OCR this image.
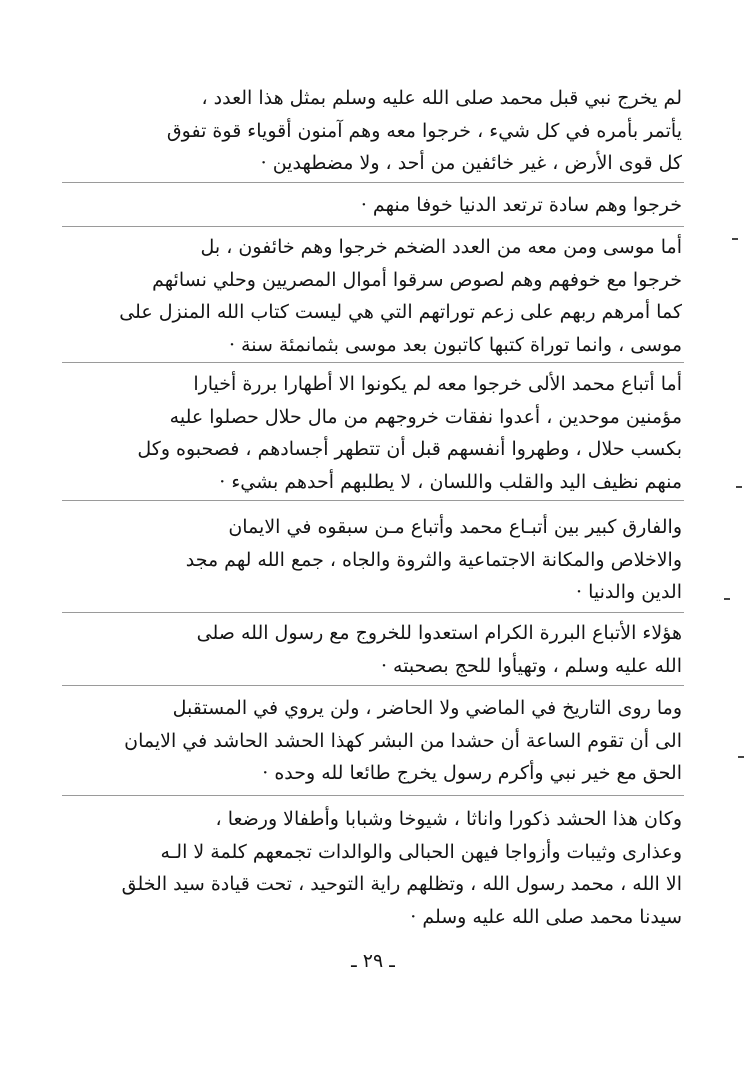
لم يخرج نبي قبل محمد صلى الله عليه وسلم بمثل هذا العدد ،
يأتمر بأمره في كل شيء ، خرجوا معه وهم آمنون أقوياء قوة تفوق
كل قوى الأرض ، غير خائفين من أحد ، ولا مضطهدين ·
خرجوا وهم سادة ترتعد الدنيا خوفا منهم ·
أما موسى ومن معه من العدد الضخم خرجوا وهم خائفون ، بل
خرجوا مع خوفهم وهم لصوص سرقوا أموال المصريين وحلي نسائهم
كما أمرهم ربهم على زعم توراتهم التي هي ليست كتاب الله المنزل على
موسى ، وانما توراة كتبها كاتبون بعد موسى بثمانمئة سنة ·
أما أتباع محمد الألى خرجوا معه لم يكونوا الا أطهارا بررة أخيارا
مؤمنين موحدين ، أعدوا نفقات خروجهم من مال حلال حصلوا عليه
بكسب حلال ، وطهروا أنفسهم قبل أن تتطهر أجسادهم ، فصحبوه وكل
منهم نظيف اليد والقلب واللسان ، لا يطلبهم أحدهم بشيء ·
والفارق كبير بين أتبـاع محمد وأتباع مـن سبقوه في الايمان
والاخلاص والمكانة الاجتماعية والثروة والجاه ، جمع الله لهم مجد
الدين والدنيا ·
هؤلاء الأتباع البررة الكرام استعدوا للخروج مع رسول الله صلى
الله عليه وسلم ، وتهيأوا للحج بصحبته ·
وما روى التاريخ في الماضي ولا الحاضر ، ولن يروي في المستقبل
الى أن تقوم الساعة أن حشدا من البشر كهذا الحشد الحاشد في الايمان
الحق مع خير نبي وأكرم رسول يخرج طائعا لله وحده ·
وكان هذا الحشد ذكورا واناثا ، شيوخا وشبابا وأطفالا ورضعا ،
وعذارى وثيبات وأزواجا فيهن الحبالى والوالدات تجمعهم كلمة لا الـه
الا الله ، محمد رسول الله ، وتظلهم راية التوحيد ، تحت قيادة سيد الخلق
سيدنا محمد صلى الله عليه وسلم ·
ـ ٢٩ ـ
